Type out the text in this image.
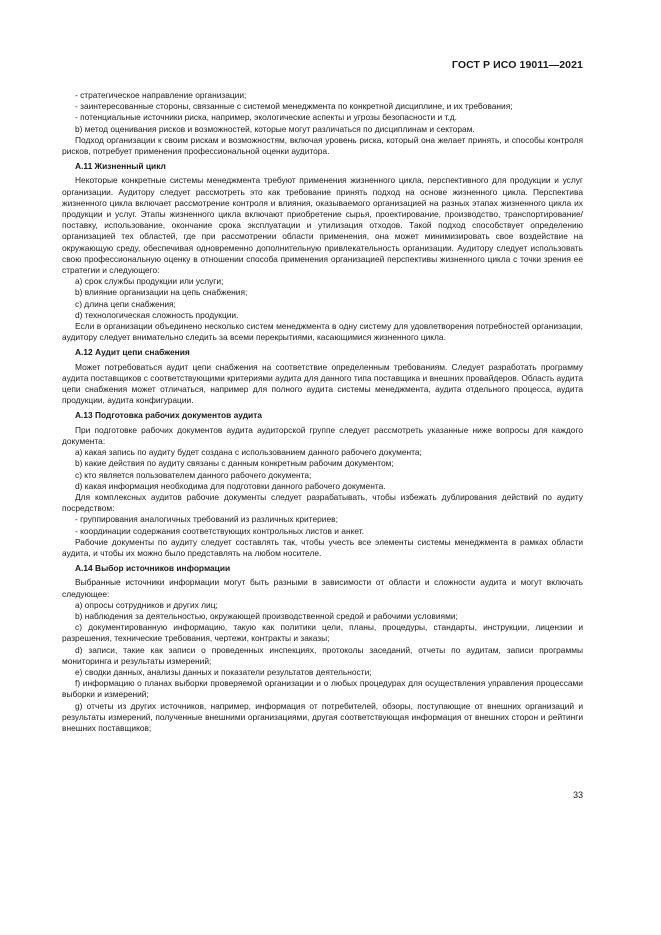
ГОСТ Р ИСО 19011—2021

- стратегическое направление организации;

- заинтересованные стороны, связанные с системой менеджмента по конкретной дисциплине, и их требования;

- потенциальные источники риска, например, экологические аспекты и угрозы безопасности и т.д.

b) метод оценивания рисков и возможностей, которые могут различаться по дисциплинам и секторам.

Подход организации к своим рискам и возможностям, включая уровень риска, который она желает принять, и способы контроля рисков, потребует применения профессиональной оценки аудитора.

A.11 Жизненный цикл

Некоторые конкретные системы менеджмента требуют применения жизненного цикла, перспективного для продукции и услуг организации. Аудитору следует рассмотреть это как требование принять подход на основе жизненного цикла. Перспектива жизненного цикла включает рассмотрение контроля и влияния, оказываемого организацией на разных этапах жизненного цикла их продукции и услуг. Этапы жизненного цикла включают приобретение сырья, проектирование, производство, транспортирование/поставку, использование, окончание срока эксплуатации и утилизация отходов. Такой подход способствует определению организацией тех областей, где при рассмотрении области применения, она может минимизировать свое воздействие на окружающую среду, обеспечивая одновременно дополнительную привлекательность организации. Аудитору следует использовать свою профессиональную оценку в отношении способа применения организацией перспективы жизненного цикла с точки зрения ее стратегии и следующего:

a) срок службы продукции или услуги;

b) влияние организации на цепь снабжения;

c) длина цепи снабжения;

d) технологическая сложность продукции.

Если в организации объединено несколько систем менеджмента в одну систему для удовлетворения потребностей организации, аудитору следует внимательно следить за всеми перекрытиями, касающимися жизненного цикла.

A.12 Аудит цепи снабжения

Может потребоваться аудит цепи снабжения на соответствие определенным требованиям. Следует разработать программу аудита поставщиков с соответствующими критериями аудита для данного типа поставщика и внешних провайдеров. Область аудита цепи снабжения может отличаться, например для полного аудита системы менеджмента, аудита отдельного процесса, аудита продукции, аудита конфигурации.

A.13 Подготовка рабочих документов аудита

При подготовке рабочих документов аудита аудиторской группе следует рассмотреть указанные ниже вопросы для каждого документа:

a) какая запись по аудиту будет создана с использованием данного рабочего документа;

b) какие действия по аудиту связаны с данным конкретным рабочим документом;

c) кто является пользователем данного рабочего документа;

d) какая информация необходима для подготовки данного рабочего документа.

Для комплексных аудитов рабочие документы следует разрабатывать, чтобы избежать дублирования действий по аудиту посредством:

- группирования аналогичных требований из различных критериев;

- координации содержания соответствующих контрольных листов и анкет.

Рабочие документы по аудиту следует составлять так, чтобы учесть все элементы системы менеджмента в рамках области аудита, и чтобы их можно было представлять на любом носителе.

A.14 Выбор источников информации

Выбранные источники информации могут быть разными в зависимости от области и сложности аудита и могут включать следующее:

a) опросы сотрудников и других лиц;

b) наблюдения за деятельностью, окружающей производственной средой и рабочими условиями;

c) документированную информацию, такую как политики цели, планы, процедуры, стандарты, инструкции, лицензии и разрешения, технические требования, чертежи, контракты и заказы;

d) записи, такие как записи о проведенных инспекциях, протоколы заседаний, отчеты по аудитам, записи программы мониторинга и результаты измерений;

e) сводки данных, анализы данных и показатели результатов деятельности;

f) информацию о планах выборки проверяемой организации и о любых процедурах для осуществления управления процессами выборки и измерений;

g) отчеты из других источников, например, информация от потребителей, обзоры, поступающие от внешних организаций и результаты измерений, полученные внешними организациями, другая соответствующая информация от внешних сторон и рейтинги внешних поставщиков;

33
